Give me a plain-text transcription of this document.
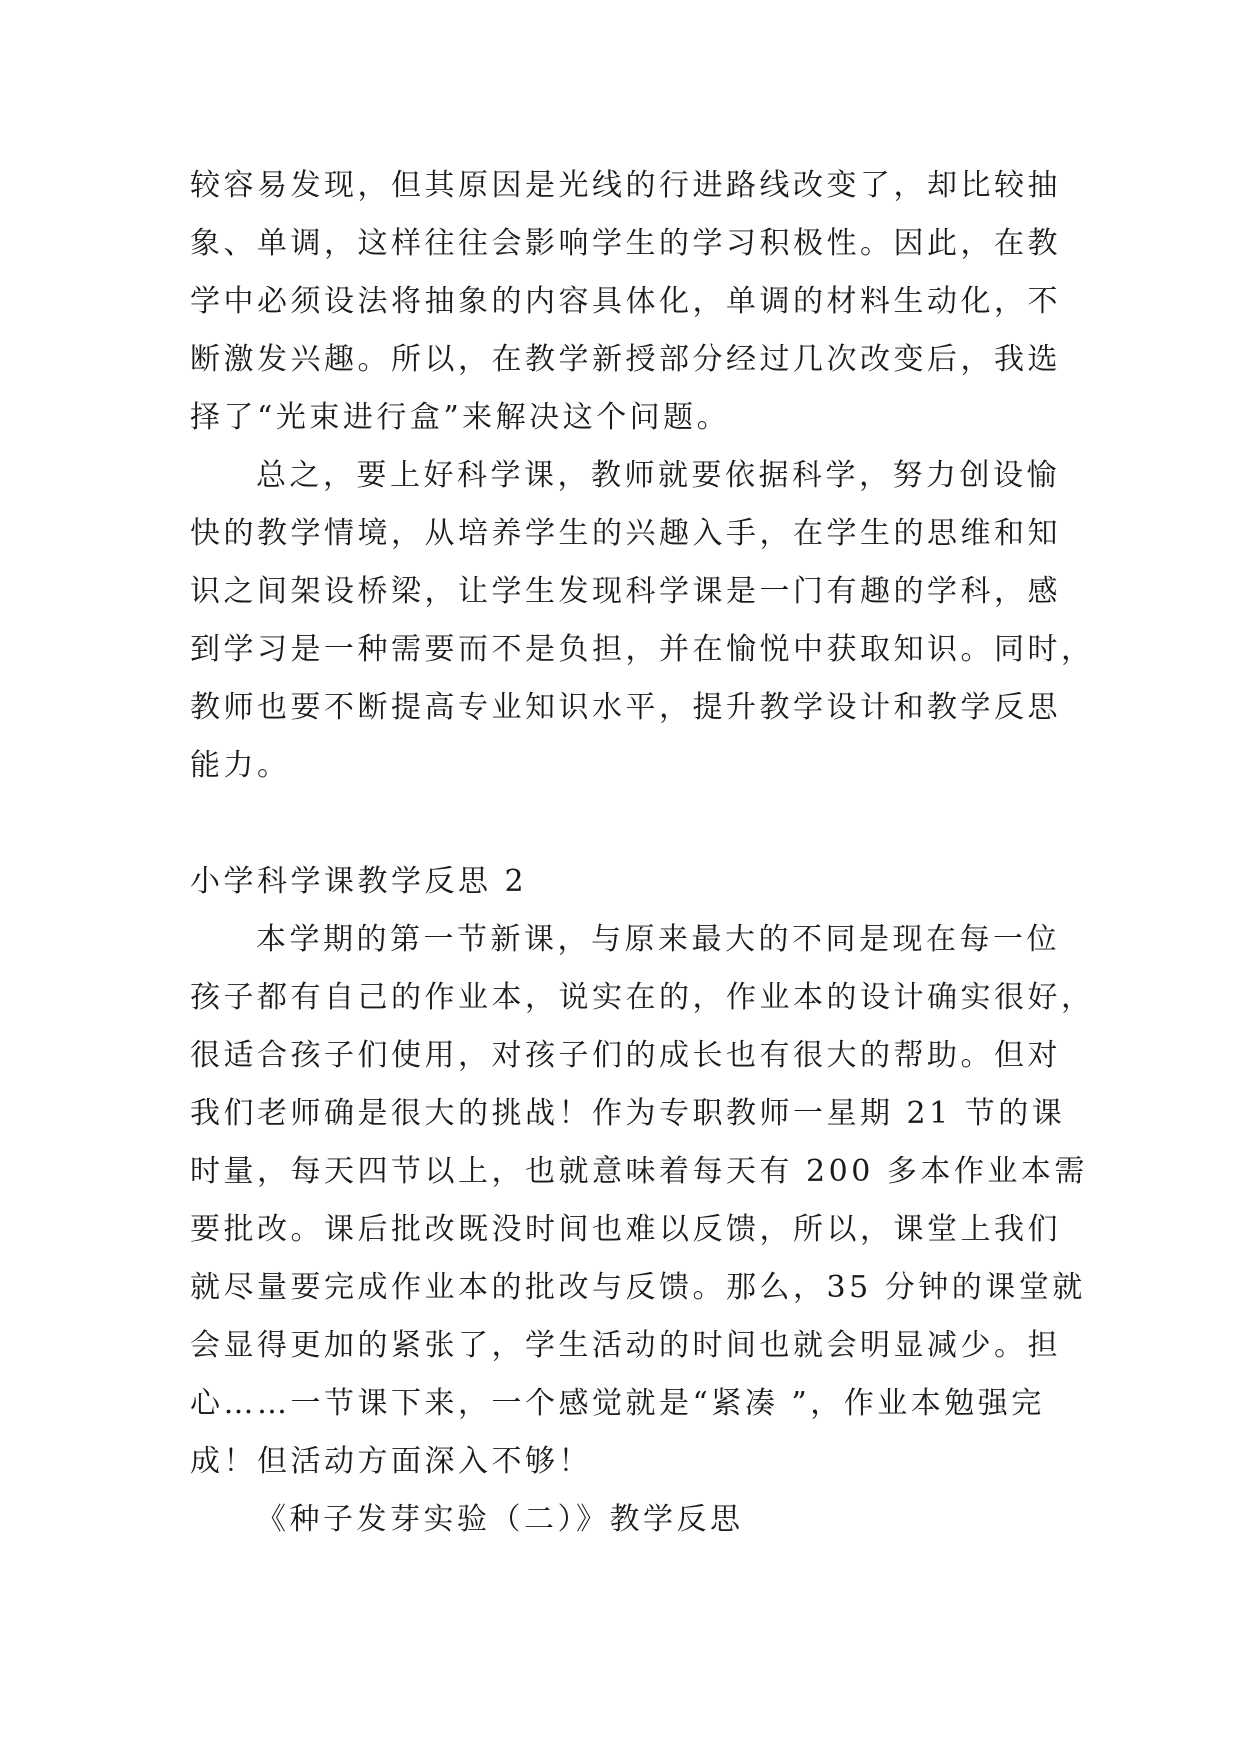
较容易发现，但其原因是光线的行进路线改变了，却比较抽
象、单调，这样往往会影响学生的学习积极性。因此，在教
学中必须设法将抽象的内容具体化，单调的材料生动化，不
断激发兴趣。所以，在教学新授部分经过几次改变后，我选
择了“光束进行盒”来解决这个问题。
总之，要上好科学课，教师就要依据科学，努力创设愉
快的教学情境，从培养学生的兴趣入手，在学生的思维和知
识之间架设桥梁，让学生发现科学课是一门有趣的学科，感
到学习是一种需要而不是负担，并在愉悦中获取知识。同时，
教师也要不断提高专业知识水平，提升教学设计和教学反思
能力。
小学科学课教学反思 2
本学期的第一节新课，与原来最大的不同是现在每一位
孩子都有自己的作业本，说实在的，作业本的设计确实很好，
很适合孩子们使用，对孩子们的成长也有很大的帮助。但对
我们老师确是很大的挑战！作为专职教师一星期 21 节的课
时量，每天四节以上，也就意味着每天有 200 多本作业本需
要批改。课后批改既没时间也难以反馈，所以，课堂上我们
就尽量要完成作业本的批改与反馈。那么，35 分钟的课堂就
会显得更加的紧张了，学生活动的时间也就会明显减少。担
心……一节课下来，一个感觉就是“紧凑 ”，作业本勉强完
成！但活动方面深入不够！
《种子发芽实验（二）》教学反思
